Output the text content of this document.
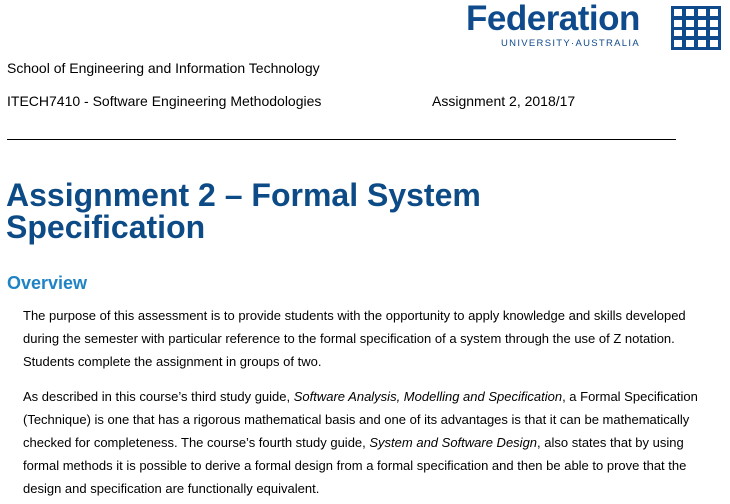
Federation
UNIVERSITY·AUSTRALIA
School of Engineering and Information Technology
ITECH7410 - Software Engineering Methodologies	Assignment 2, 2018/17
Assignment 2 – Formal System Specification
Overview

The purpose of this assessment is to provide students with the opportunity to apply knowledge and skills developed during the semester with particular reference to the formal specification of a system through the use of Z notation. Students complete the assignment in groups of two.

As described in this course’s third study guide, Software Analysis, Modelling and Specification, a Formal Specification (Technique) is one that has a rigorous mathematical basis and one of its advantages is that it can be mathematically checked for completeness. The course’s fourth study guide, System and Software Design, also states that by using formal methods it is possible to derive a formal design from a formal specification and then be able to prove that the design and specification are functionally equivalent.
